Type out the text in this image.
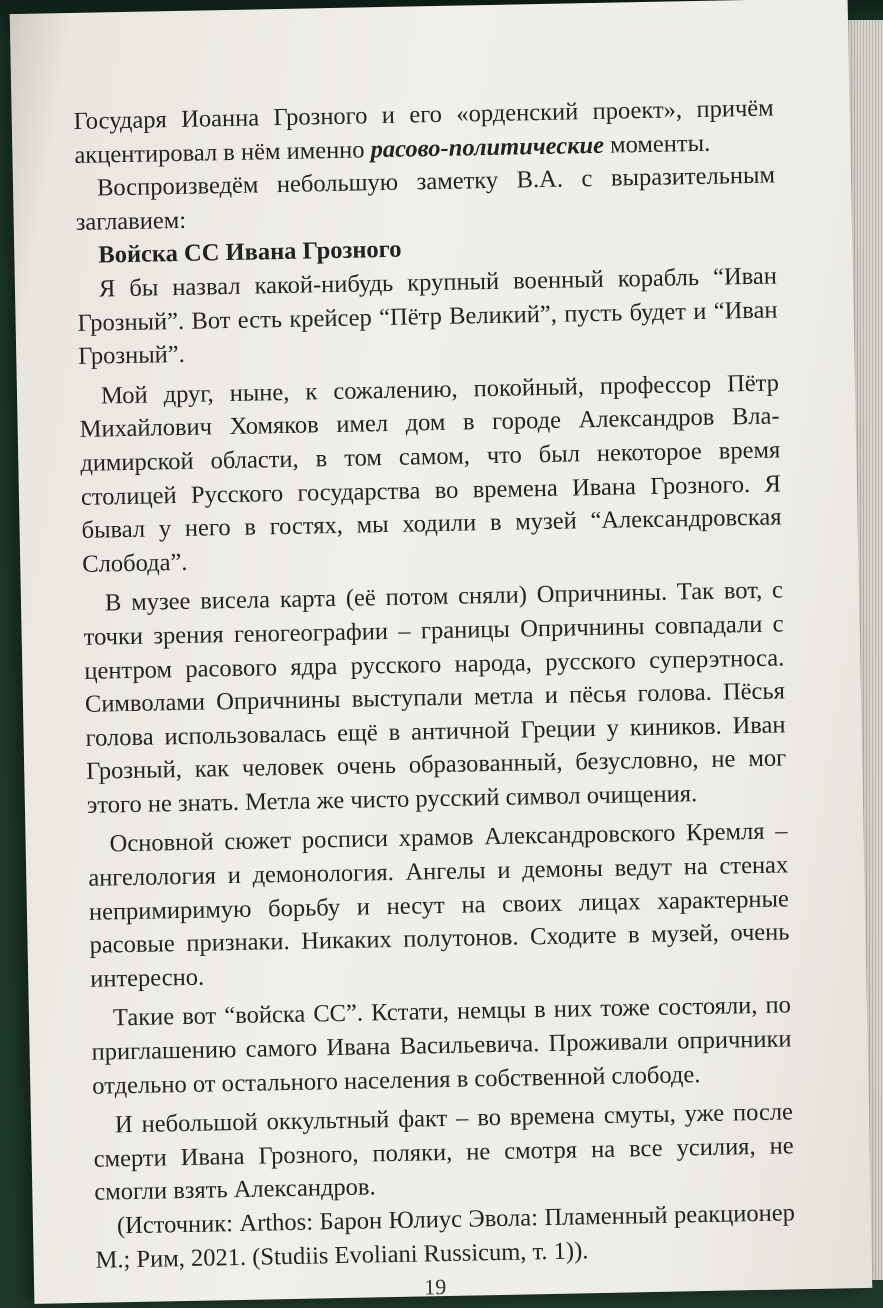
Государя Иоанна Грозного и его «орденский проект», причём акцентировал в нём именно расово-политические моменты.

Воспроизведём небольшую заметку В.А. с выразительным заглавием:

Войска СС Ивана Грозного

Я бы назвал какой-нибудь крупный военный корабль “Иван Грозный”. Вот есть крейсер “Пётр Великий”, пусть будет и “Иван Грозный”.

Мой друг, ныне, к сожалению, покойный, профессор Пётр Михайлович Хомяков имел дом в городе Александров Владимирской области, в том самом, что был некоторое время столицей Русского государства во времена Ивана Грозного. Я бывал у него в гостях, мы ходили в музей “Александровская Слобода”.

В музее висела карта (её потом сняли) Опричнины. Так вот, с точки зрения геногеографии – границы Опричнины совпадали с центром расового ядра русского народа, русского суперэтноса. Символами Опричнины выступали метла и пёсья голова. Пёсья голова использовалась ещё в античной Греции у киников. Иван Грозный, как человек очень образованный, безусловно, не мог этого не знать. Метла же чисто русский символ очищения.

Основной сюжет росписи храмов Александровского Кремля – ангелология и демонология. Ангелы и демоны ведут на стенах непримиримую борьбу и несут на своих лицах характерные расовые признаки. Никаких полутонов. Сходите в музей, очень интересно.

Такие вот “войска СС”. Кстати, немцы в них тоже состояли, по приглашению самого Ивана Васильевича. Проживали опричники отдельно от остального населения в собственной слободе.

И небольшой оккультный факт – во времена смуты, уже после смерти Ивана Грозного, поляки, не смотря на все усилия, не смогли взять Александров.

(Источник: Arthos: Барон Юлиус Эвола: Пламенный реакционер М.; Рим, 2021. (Studiis Evoliani Russicum, т. 1)).

19
